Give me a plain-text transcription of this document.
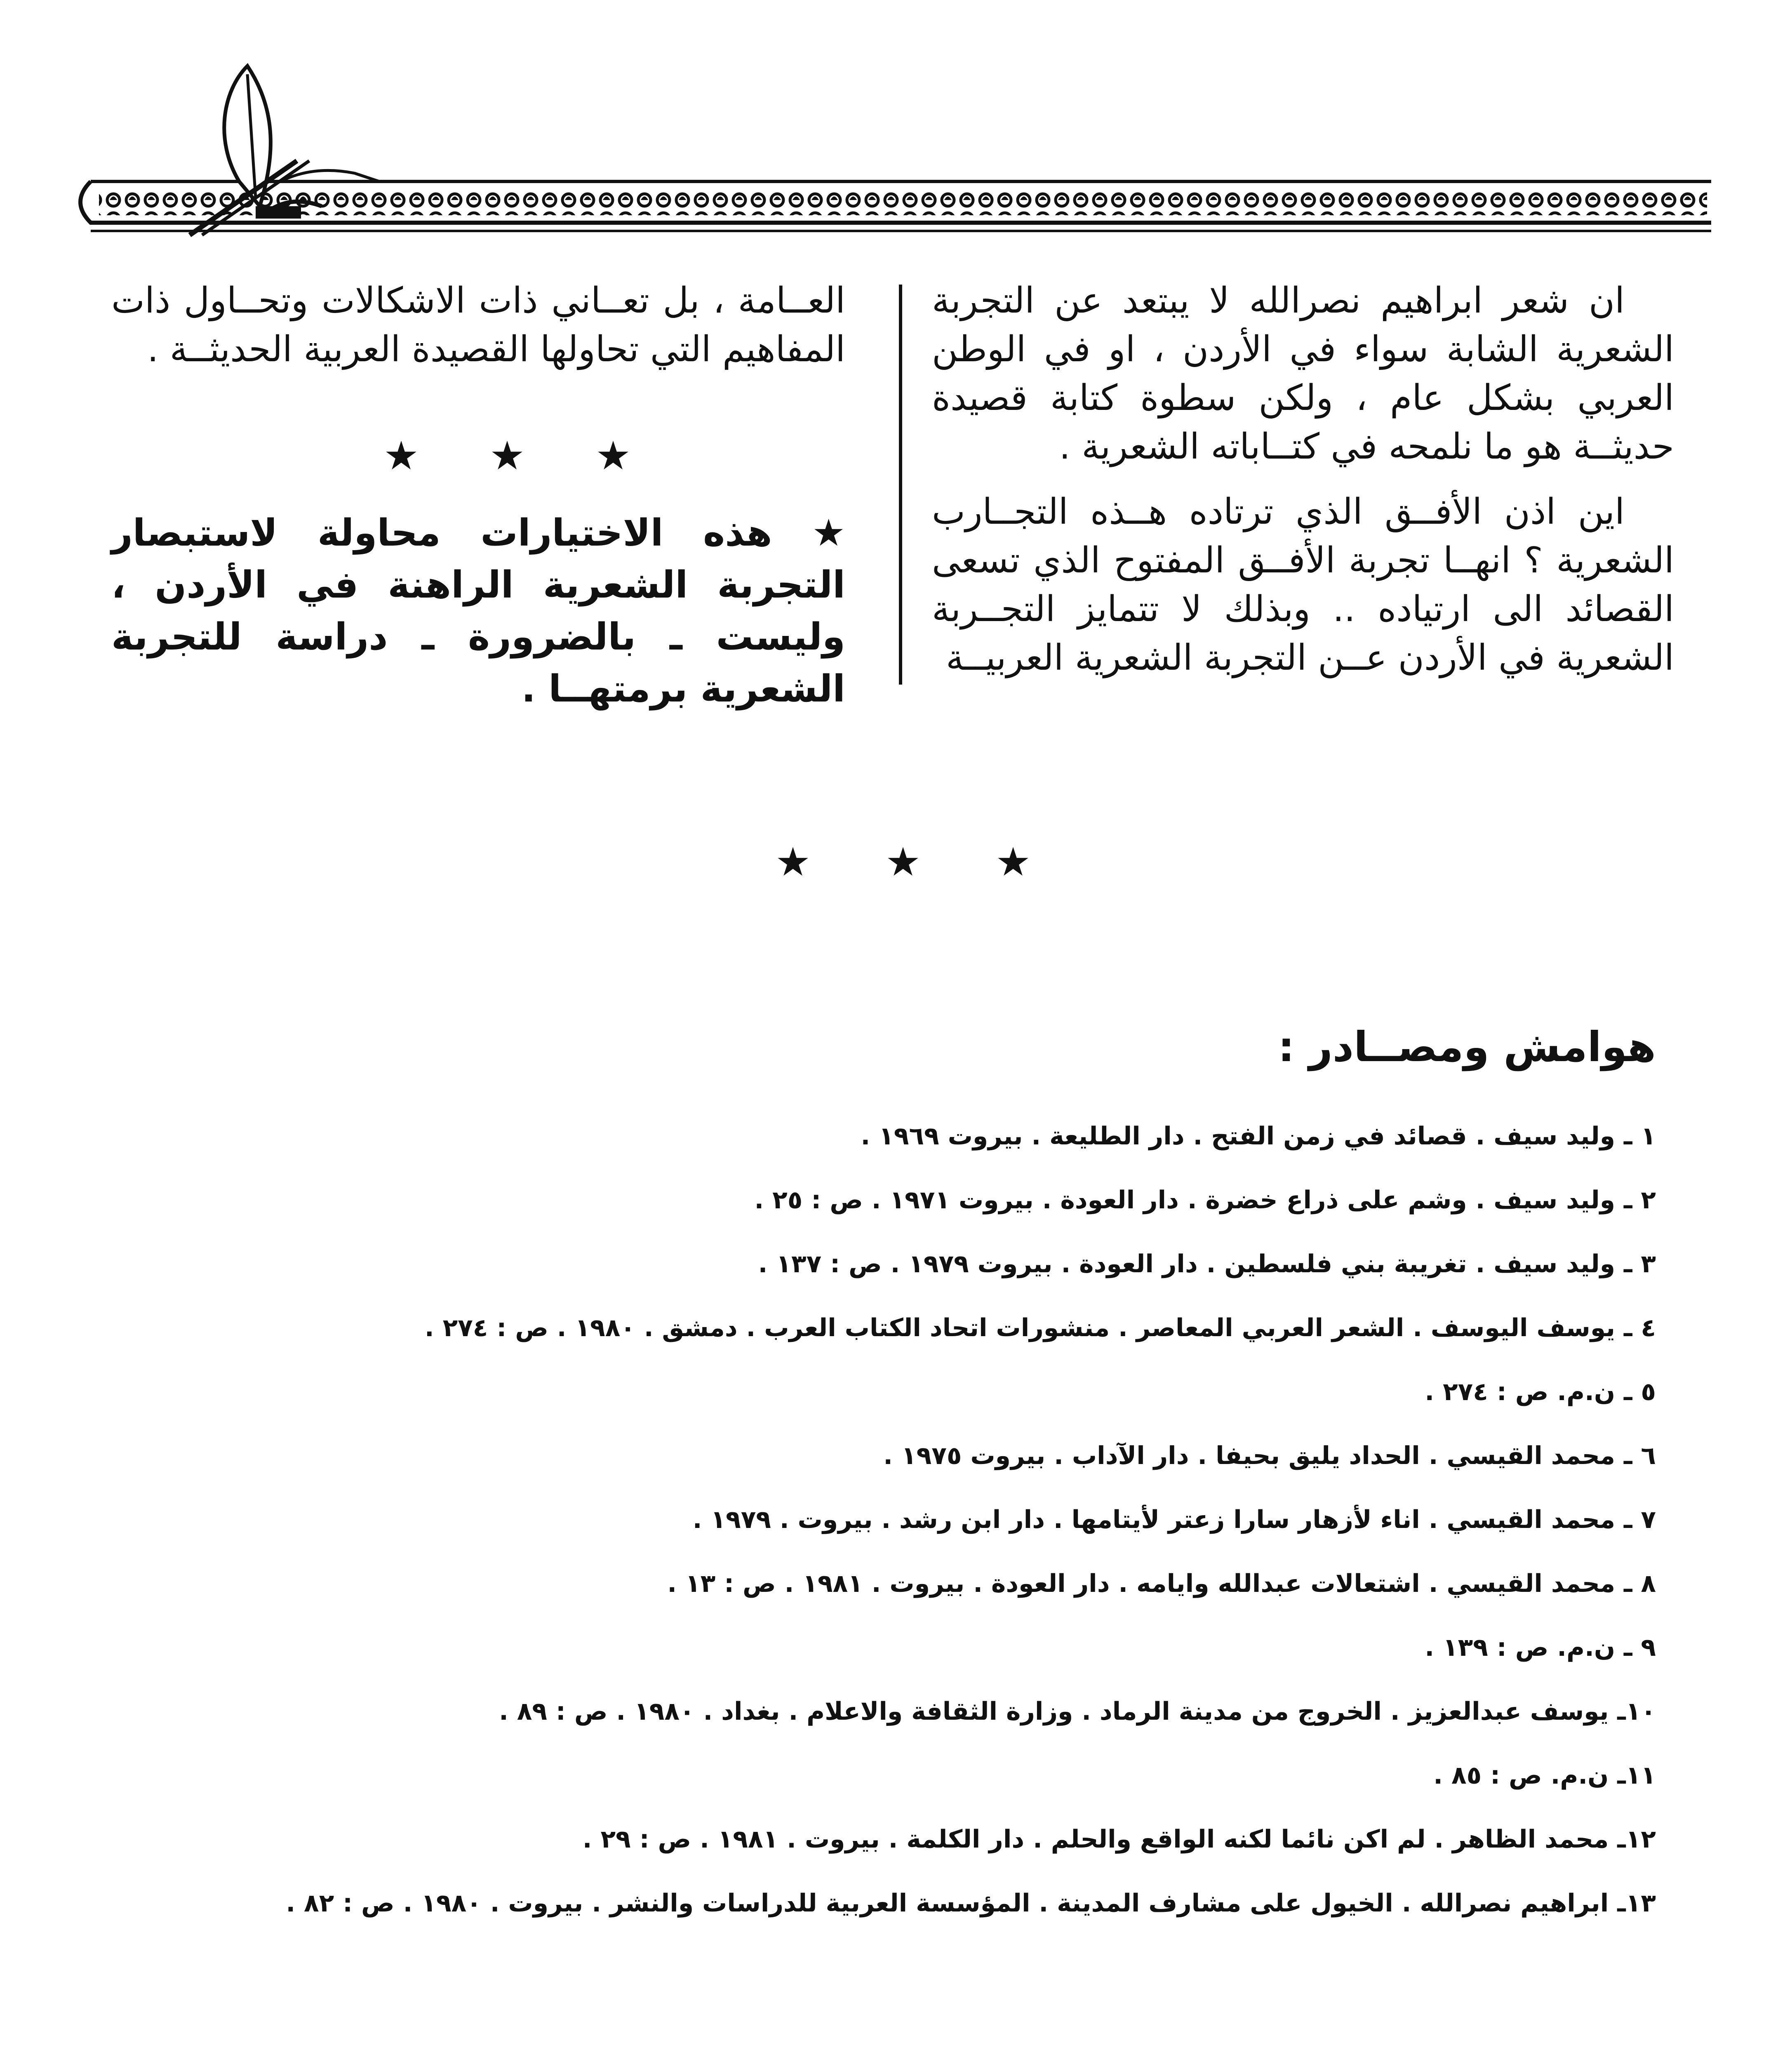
ان شعر ابراهيم نصرالله لا يبتعد عن التجربة الشعرية الشابة سواء في الأردن ، او في الوطن العربي بشكل عام ، ولكن سطوة كتابة قصيدة حديثــة هو ما نلمحه في كتــاباته الشعرية .

اين اذن الأفــق الذي ترتاده هــذه التجــارب الشعرية ؟ انهــا تجربة الأفــق المفتوح الذي تسعى القصائد الى ارتياده .. وبذلك لا تتمايز التجــربة الشعرية في الأردن عــن التجربة الشعرية العربيــة

العــامة ، بل تعــاني ذات الاشكالات وتحــاول ذات المفاهيم التي تحاولها القصيدة العربية الحديثــة .

★ ★ ★

★ هذه الاختيارات محاولة لاستبصار التجربة الشعرية الراهنة في الأردن ، وليست ـ بالضرورة ـ دراسة للتجربة الشعرية برمتهــا .

★ ★ ★
هوامش ومصــادر :
١ ـ وليد سيف . قصائد في زمن الفتح . دار الطليعة . بيروت ١٩٦٩ .
٢ ـ وليد سيف . وشم على ذراع خضرة . دار العودة . بيروت ١٩٧١ . ص : ٢٥ .
٣ ـ وليد سيف . تغريبة بني فلسطين . دار العودة . بيروت ١٩٧٩ . ص : ١٣٧ .
٤ ـ يوسف اليوسف . الشعر العربي المعاصر . منشورات اتحاد الكتاب العرب . دمشق . ١٩٨٠ . ص : ٢٧٤ .
٥ ـ ن.م. ص : ٢٧٤ .
٦ ـ محمد القيسي . الحداد يليق بحيفا . دار الآداب . بيروت ١٩٧٥ .
٧ ـ محمد القيسي . اناء لأزهار سارا زعتر لأيتامها . دار ابن رشد . بيروت . ١٩٧٩ .
٨ ـ محمد القيسي . اشتعالات عبدالله وايامه . دار العودة . بيروت . ١٩٨١ . ص : ١٣ .
٩ ـ ن.م. ص : ١٣٩ .
١٠ـ يوسف عبدالعزيز . الخروج من مدينة الرماد . وزارة الثقافة والاعلام . بغداد . ١٩٨٠ . ص : ٨٩ .
١١ـ ن.م. ص : ٨٥ .
١٢ـ محمد الظاهر . لم اكن نائما لكنه الواقع والحلم . دار الكلمة . بيروت . ١٩٨١ . ص : ٢٩ .
١٣ـ ابراهيم نصرالله . الخيول على مشارف المدينة . المؤسسة العربية للدراسات والنشر . بيروت . ١٩٨٠ . ص : ٨٢ .
